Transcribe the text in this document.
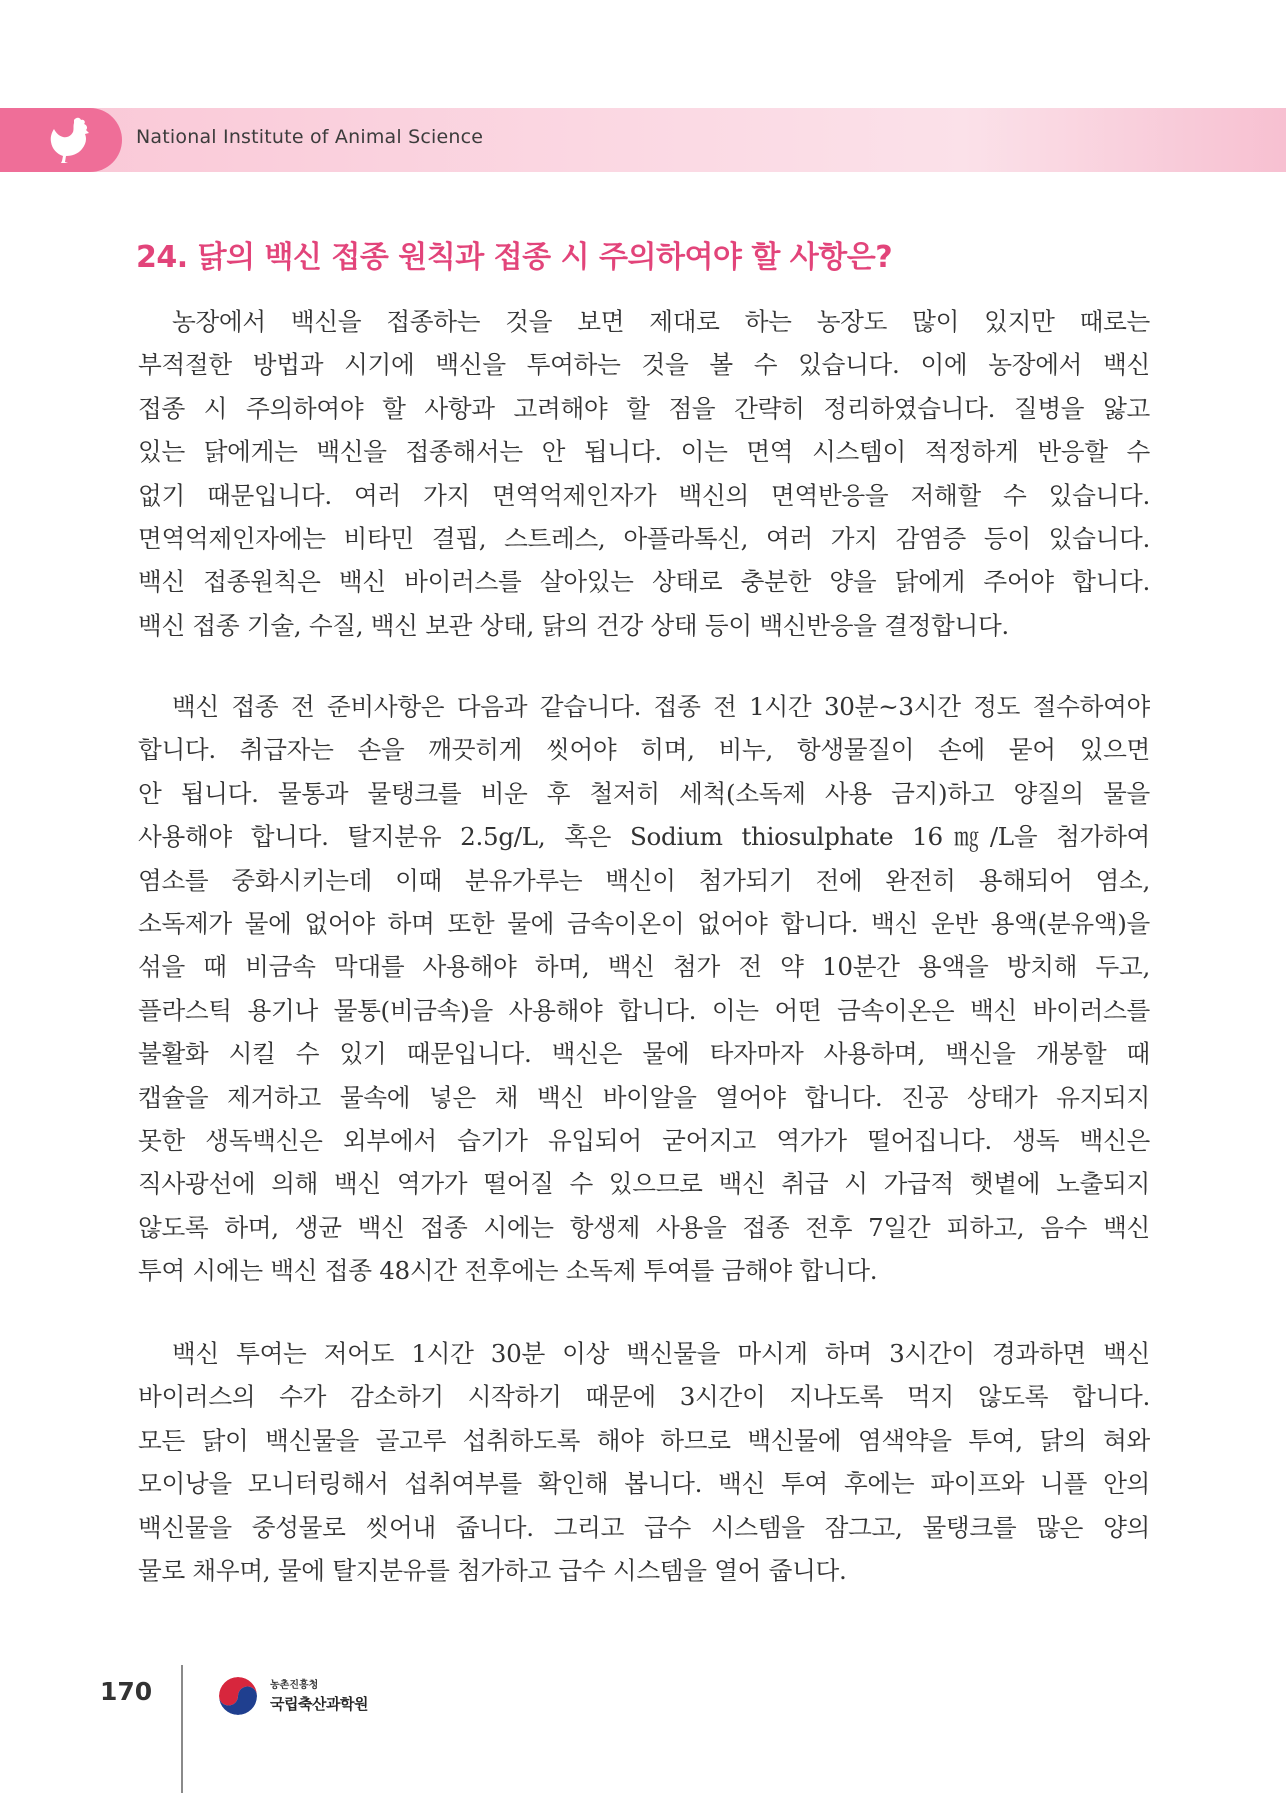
National Institute of Animal Science
24. 닭의 백신 접종 원칙과 접종 시 주의하여야 할 사항은?
농장에서 백신을 접종하는 것을 보면 제대로 하는 농장도 많이 있지만 때로는
부적절한 방법과 시기에 백신을 투여하는 것을 볼 수 있습니다. 이에 농장에서 백신
접종 시 주의하여야 할 사항과 고려해야 할 점을 간략히 정리하였습니다. 질병을 앓고
있는 닭에게는 백신을 접종해서는 안 됩니다. 이는 면역 시스템이 적정하게 반응할 수
없기 때문입니다. 여러 가지 면역억제인자가 백신의 면역반응을 저해할 수 있습니다.
면역억제인자에는 비타민 결핍, 스트레스, 아플라톡신, 여러 가지 감염증 등이 있습니다.
백신 접종원칙은 백신 바이러스를 살아있는 상태로 충분한 양을 닭에게 주어야 합니다.
백신 접종 기술, 수질, 백신 보관 상태, 닭의 건강 상태 등이 백신반응을 결정합니다.
백신 접종 전 준비사항은 다음과 같습니다. 접종 전 1시간 30분~3시간 정도 절수하여야
합니다. 취급자는 손을 깨끗히게 씻어야 히며, 비누, 항생물질이 손에 묻어 있으면
안 됩니다. 물통과 물탱크를 비운 후 철저히 세척(소독제 사용 금지)하고 양질의 물을
사용해야 합니다. 탈지분유 2.5g/L, 혹은 Sodium thiosulphate 16㎎/L을 첨가하여
염소를 중화시키는데 이때 분유가루는 백신이 첨가되기 전에 완전히 용해되어 염소,
소독제가 물에 없어야 하며 또한 물에 금속이온이 없어야 합니다. 백신 운반 용액(분유액)을
섞을 때 비금속 막대를 사용해야 하며, 백신 첨가 전 약 10분간 용액을 방치해 두고,
플라스틱 용기나 물통(비금속)을 사용해야 합니다. 이는 어떤 금속이온은 백신 바이러스를
불활화 시킬 수 있기 때문입니다. 백신은 물에 타자마자 사용하며, 백신을 개봉할 때
캡슐을 제거하고 물속에 넣은 채 백신 바이알을 열어야 합니다. 진공 상태가 유지되지
못한 생독백신은 외부에서 습기가 유입되어 굳어지고 역가가 떨어집니다. 생독 백신은
직사광선에 의해 백신 역가가 떨어질 수 있으므로 백신 취급 시 가급적 햇볕에 노출되지
않도록 하며, 생균 백신 접종 시에는 항생제 사용을 접종 전후 7일간 피하고, 음수 백신
투여 시에는 백신 접종 48시간 전후에는 소독제 투여를 금해야 합니다.
백신 투여는 저어도 1시간 30분 이상 백신물을 마시게 하며 3시간이 경과하면 백신
바이러스의 수가 감소하기 시작하기 때문에 3시간이 지나도록 먹지 않도록 합니다.
모든 닭이 백신물을 골고루 섭취하도록 해야 하므로 백신물에 염색약을 투여, 닭의 혀와
모이낭을 모니터링해서 섭취여부를 확인해 봅니다. 백신 투여 후에는 파이프와 니플 안의
백신물을 중성물로 씻어내 줍니다. 그리고 급수 시스템을 잠그고, 물탱크를 많은 양의
물로 채우며, 물에 탈지분유를 첨가하고 급수 시스템을 열어 줍니다.
170	농촌진흥청
국립축산과학원
